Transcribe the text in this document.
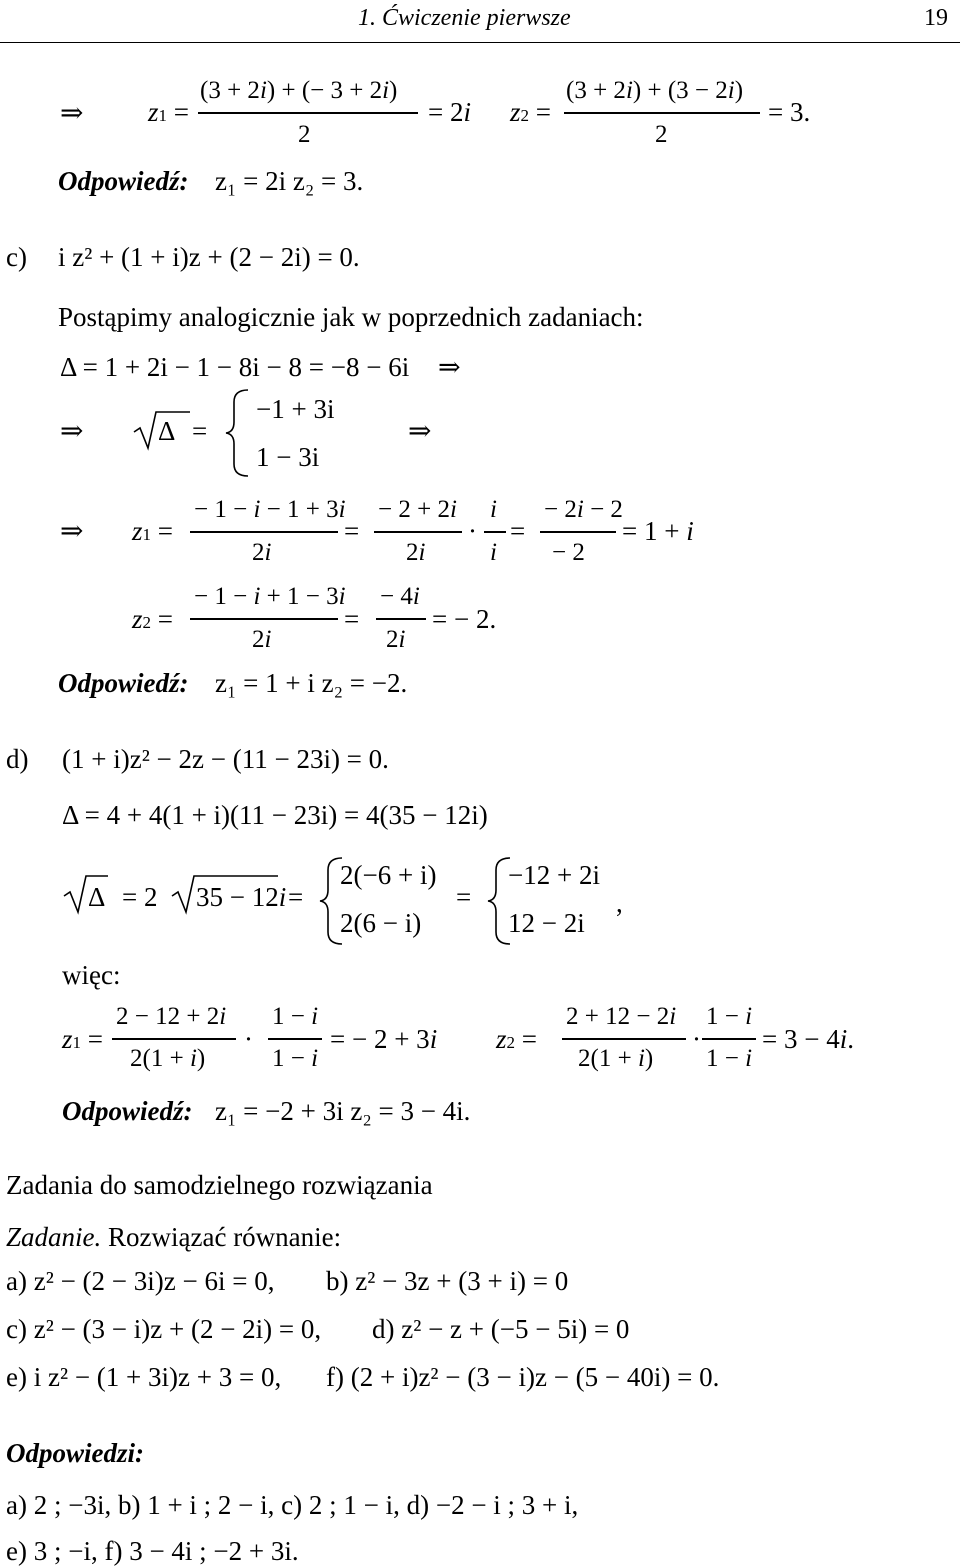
1. Ćwiczenie pierwsze	19
⇒ z1 =
(3 + 2i) + (− 3 + 2i)
2
= 2i z2 =
(3 + 2i) + (3 − 2i)
2
= 3.
Odpowiedź: z₁ = 2i z₂ = 3.
c) i z² + (1 + i)z + (2 − 2i) = 0.
Postąpimy analogicznie jak w poprzednich zadaniach:
Δ = 1 + 2i − 1 − 8i − 8 = −8 − 6i ⇒
⇒	Δ =
−1 + 3i
1 − 3i
⇒
⇒ z1 =
− 1 − i − 1 + 3i
2i
=
− 2 + 2i
2i
·
i
i
=
− 2i − 2
− 2
= 1 + i
z2 =
− 1 − i + 1 − 3i
2i
=
− 4i
2i
= − 2.
Odpowiedź: z₁ = 1 + i z₂ = −2.
d) (1 + i)z² − 2z − (11 − 23i) = 0.
Δ = 4 + 4(1 + i)(11 − 23i) = 4(35 − 12i)
Δ = 2 35 − 12i =
2(−6 + i)
2(6 − i)
=
−12 + 2i
12 − 2i
,
więc:
z1 =
2 − 12 + 2i
2(1 + i)
·
1 − i
1 − i
= − 2 + 3i z2 =
2 + 12 − 2i
2(1 + i)
·
1 − i
1 − i
= 3 − 4i.
Odpowiedź: z₁ = −2 + 3i z₂ = 3 − 4i.
Zadania do samodzielnego rozwiązania
Zadanie. Rozwiązać równanie:
a) z² − (2 − 3i)z − 6i = 0, b) z² − 3z + (3 + i) = 0
c) z² − (3 − i)z + (2 − 2i) = 0, d) z² − z + (−5 − 5i) = 0
e) i z² − (1 + 3i)z + 3 = 0, f) (2 + i)z² − (3 − i)z − (5 − 40i) = 0.
Odpowiedzi:
a) 2 ; −3i, b) 1 + i ; 2 − i, c) 2 ; 1 − i, d) −2 − i ; 3 + i,
e) 3 ; −i, f) 3 − 4i ; −2 + 3i.
